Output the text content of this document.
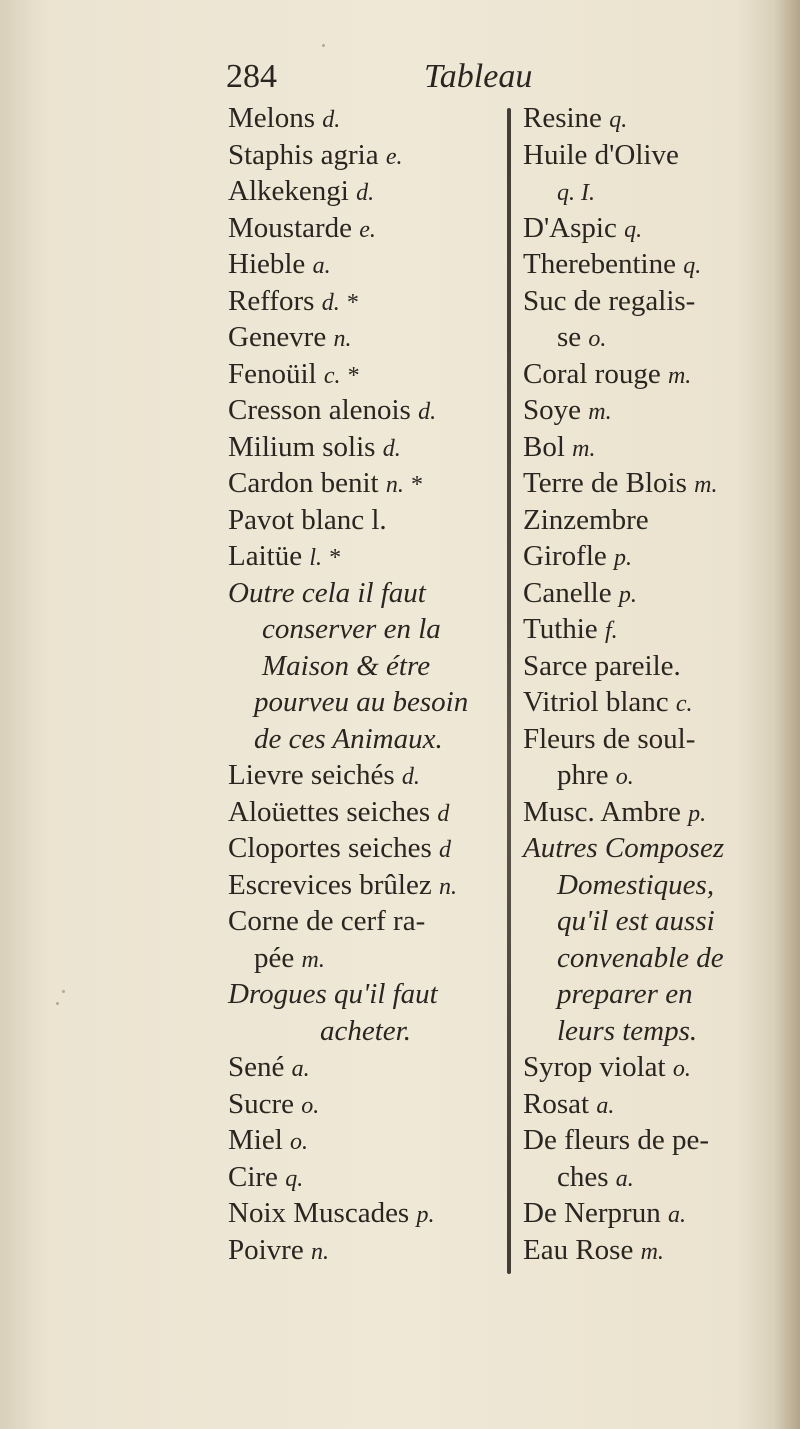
284	Tableau
Melons d.
Staphis agria e.
Alkekengi d.
Moustarde e.
Hieble a.
Reffors d. *
Genevre n.
Fenoüil c. *
Cresson alenois d.
Milium solis d.
Cardon benit n. *
Pavot blanc l.
Laitüe l. *
Outre cela il faut
conserver en la
Maison & étre
pourveu au besoin
de ces Animaux.
Lievre seichés d.
Aloüettes seiches d
Cloportes seiches d
Escrevices brûlez n.
Corne de cerf ra-
pée m.
Drogues qu'il faut
acheter.
Sené a.
Sucre o.
Miel o.
Cire q.
Noix Muscades p.
Poivre n.
Resine q.
Huile d'Olive
q. I.
D'Aspic q.
Therebentine q.
Suc de regalis-
se o.
Coral rouge m.
Soye m.
Bol m.
Terre de Blois m.
Zinzembre
Girofle p.
Canelle p.
Tuthie f.
Sarce pareile.
Vitriol blanc c.
Fleurs de soul-
phre o.
Musc. Ambre p.
Autres Composez
Domestiques,
qu'il est aussi
convenable de
preparer en
leurs temps.
Syrop violat o.
Rosat a.
De fleurs de pe-
ches a.
De Nerprun a.
Eau Rose m.
